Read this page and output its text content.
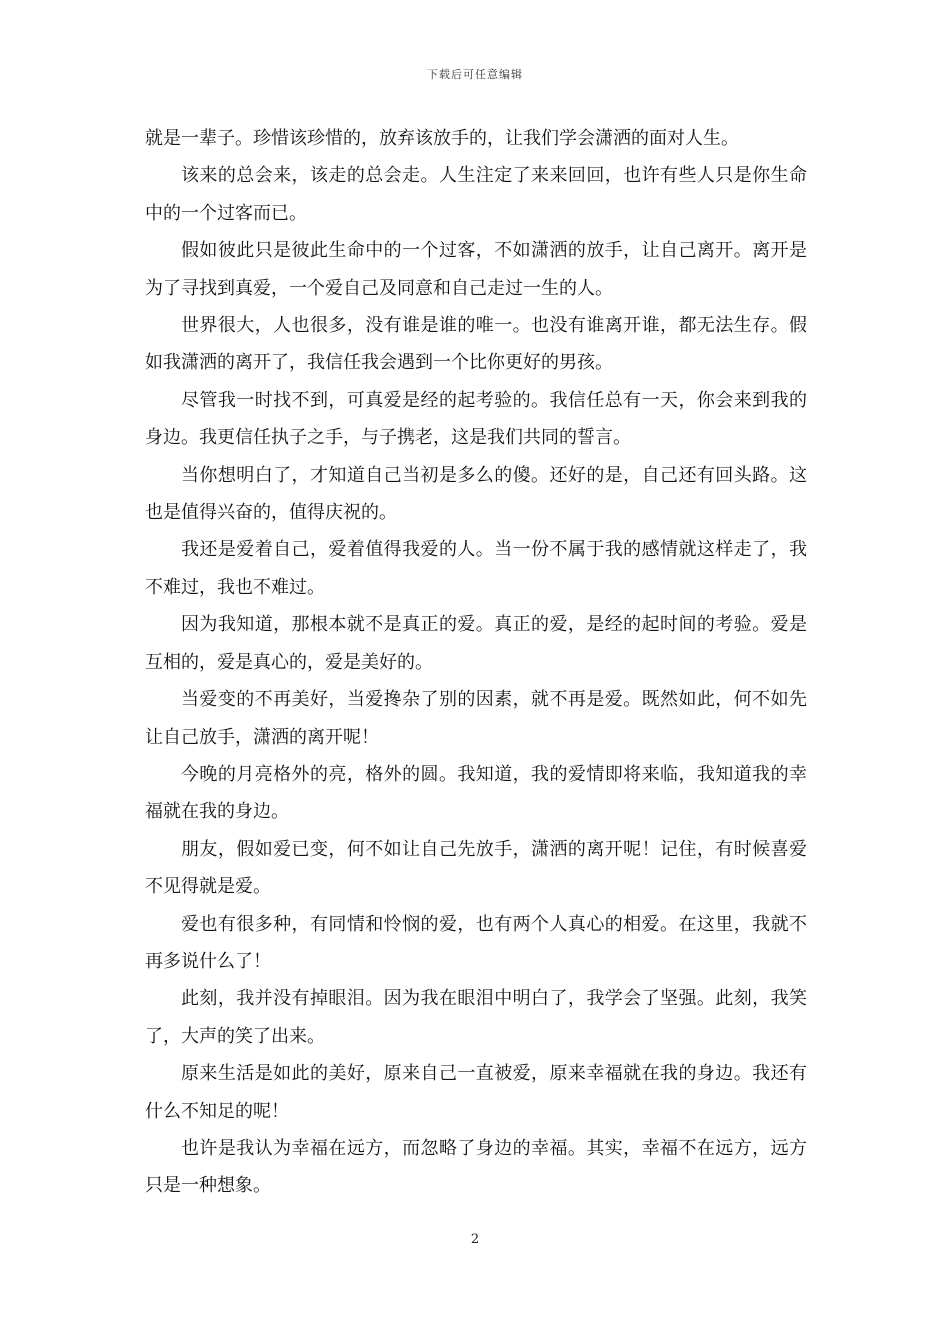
下载后可任意编辑

就是一辈子。珍惜该珍惜的，放弃该放手的，让我们学会潇洒的面对人生。

该来的总会来，该走的总会走。人生注定了来来回回，也许有些人只是你生命中的一个过客而已。

假如彼此只是彼此生命中的一个过客，不如潇洒的放手，让自己离开。离开是为了寻找到真爱，一个爱自己及同意和自己走过一生的人。

世界很大，人也很多，没有谁是谁的唯一。也没有谁离开谁，都无法生存。假如我潇洒的离开了，我信任我会遇到一个比你更好的男孩。

尽管我一时找不到，可真爱是经的起考验的。我信任总有一天，你会来到我的身边。我更信任执子之手，与子携老，这是我们共同的誓言。

当你想明白了，才知道自己当初是多么的傻。还好的是，自己还有回头路。这也是值得兴奋的，值得庆祝的。

我还是爱着自己，爱着值得我爱的人。当一份不属于我的感情就这样走了，我不难过，我也不难过。

因为我知道，那根本就不是真正的爱。真正的爱，是经的起时间的考验。爱是互相的，爱是真心的，爱是美好的。

当爱变的不再美好，当爱搀杂了别的因素，就不再是爱。既然如此，何不如先让自己放手，潇洒的离开呢！

今晚的月亮格外的亮，格外的圆。我知道，我的爱情即将来临，我知道我的幸福就在我的身边。

朋友，假如爱已变，何不如让自己先放手，潇洒的离开呢！记住，有时候喜爱不见得就是爱。

爱也有很多种，有同情和怜悯的爱，也有两个人真心的相爱。在这里，我就不再多说什么了！

此刻，我并没有掉眼泪。因为我在眼泪中明白了，我学会了坚强。此刻，我笑了，大声的笑了出来。

原来生活是如此的美好，原来自己一直被爱，原来幸福就在我的身边。我还有什么不知足的呢！

也许是我认为幸福在远方，而忽略了身边的幸福。其实，幸福不在远方，远方只是一种想象。

2
